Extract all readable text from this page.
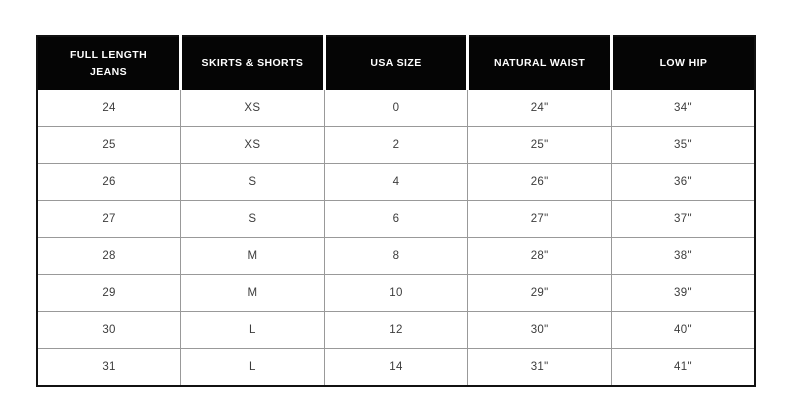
FULL LENGTH JEANS	SKIRTS & SHORTS	USA SIZE	NATURAL WAIST	LOW HIP
24	XS	0	24"	34"
25	XS	2	25"	35"
26	S	4	26"	36"
27	S	6	27"	37"
28	M	8	28"	38"
29	M	10	29"	39"
30	L	12	30"	40"
31	L	14	31"	41"
